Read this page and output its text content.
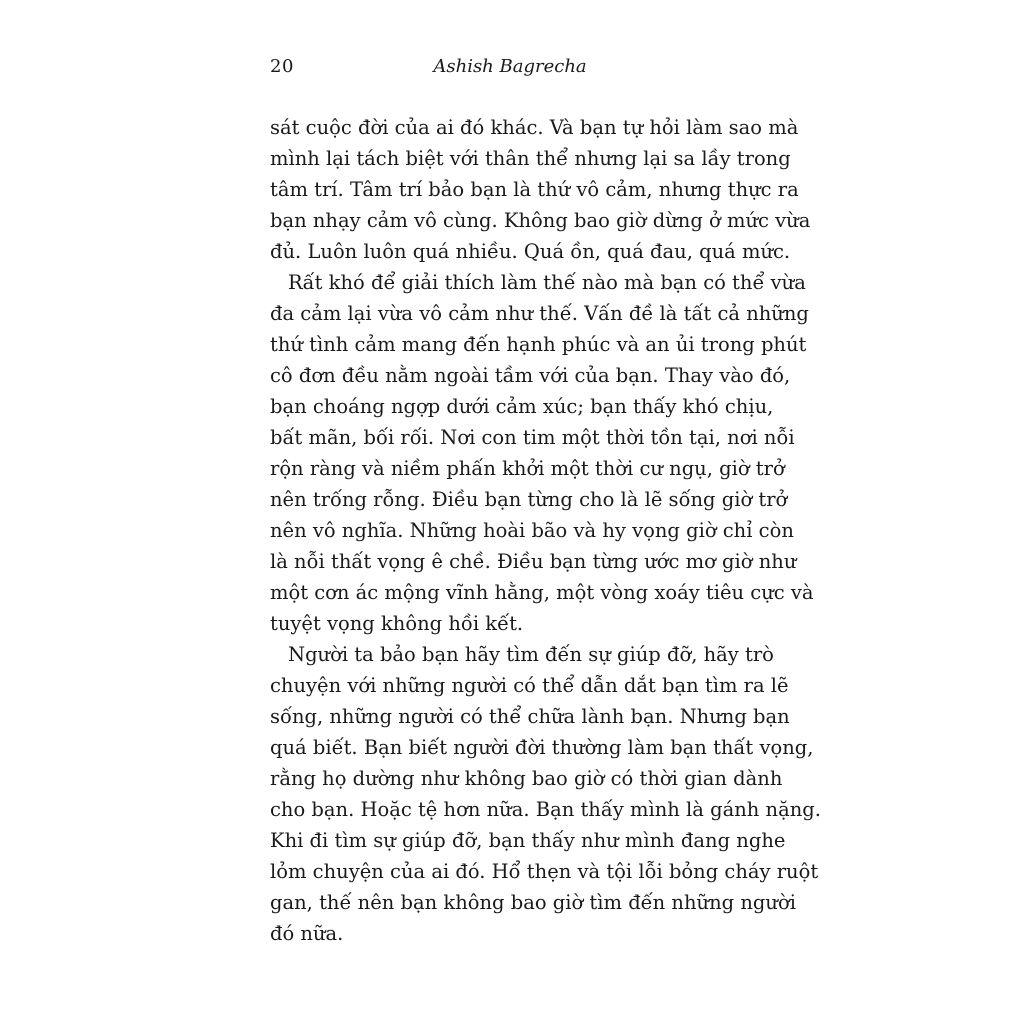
20	Ashish Bagrecha
sát cuộc đời của ai đó khác. Và bạn tự hỏi làm sao mà
mình lại tách biệt với thân thể nhưng lại sa lầy trong
tâm trí. Tâm trí bảo bạn là thứ vô cảm, nhưng thực ra
bạn nhạy cảm vô cùng. Không bao giờ dừng ở mức vừa
đủ. Luôn luôn quá nhiều. Quá ồn, quá đau, quá mức.
Rất khó để giải thích làm thế nào mà bạn có thể vừa
đa cảm lại vừa vô cảm như thế. Vấn đề là tất cả những
thứ tình cảm mang đến hạnh phúc và an ủi trong phút
cô đơn đều nằm ngoài tầm với của bạn. Thay vào đó,
bạn choáng ngợp dưới cảm xúc; bạn thấy khó chịu,
bất mãn, bối rối. Nơi con tim một thời tồn tại, nơi nỗi
rộn ràng và niềm phấn khởi một thời cư ngụ, giờ trở
nên trống rỗng. Điều bạn từng cho là lẽ sống giờ trở
nên vô nghĩa. Những hoài bão và hy vọng giờ chỉ còn
là nỗi thất vọng ê chề. Điều bạn từng ước mơ giờ như
một cơn ác mộng vĩnh hằng, một vòng xoáy tiêu cực và
tuyệt vọng không hồi kết.
Người ta bảo bạn hãy tìm đến sự giúp đỡ, hãy trò
chuyện với những người có thể dẫn dắt bạn tìm ra lẽ
sống, những người có thể chữa lành bạn. Nhưng bạn
quá biết. Bạn biết người đời thường làm bạn thất vọng,
rằng họ dường như không bao giờ có thời gian dành
cho bạn. Hoặc tệ hơn nữa. Bạn thấy mình là gánh nặng.
Khi đi tìm sự giúp đỡ, bạn thấy như mình đang nghe
lỏm chuyện của ai đó. Hổ thẹn và tội lỗi bỏng cháy ruột
gan, thế nên bạn không bao giờ tìm đến những người
đó nữa.
